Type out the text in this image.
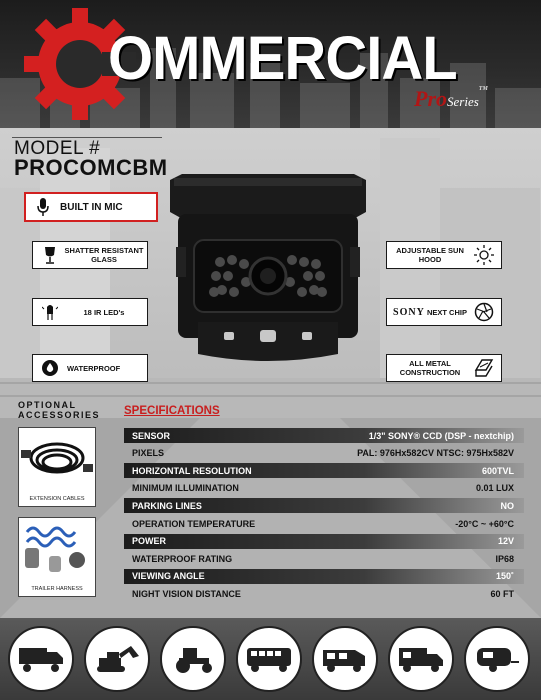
OMMERCIAL
ProSeries™
MODEL #
PROCOMCBM
BUILT IN MIC
SHATTER RESISTANT GLASS
18 IR LED's
WATERPROOF
ADJUSTABLE SUN HOOD
SONY NEXT CHIP
ALL METAL CONSTRUCTION
OPTIONAL
ACCESSORIES
EXTENSION CABLES
TRAILER HARNESS
SPECIFICATIONS
SENSOR	1/3" SONY® CCD (DSP - nextchip)
PIXELS	PAL: 976Hx582CV NTSC: 975Hx582V
HORIZONTAL RESOLUTION	600TVL
MINIMUM ILLUMINATION	0.01 LUX
PARKING LINES	NO
OPERATION TEMPERATURE	-20°C ~ +60°C
POWER	12V
WATERPROOF RATING	IP68
VIEWING ANGLE	150˚
NIGHT VISION DISTANCE	60 FT
